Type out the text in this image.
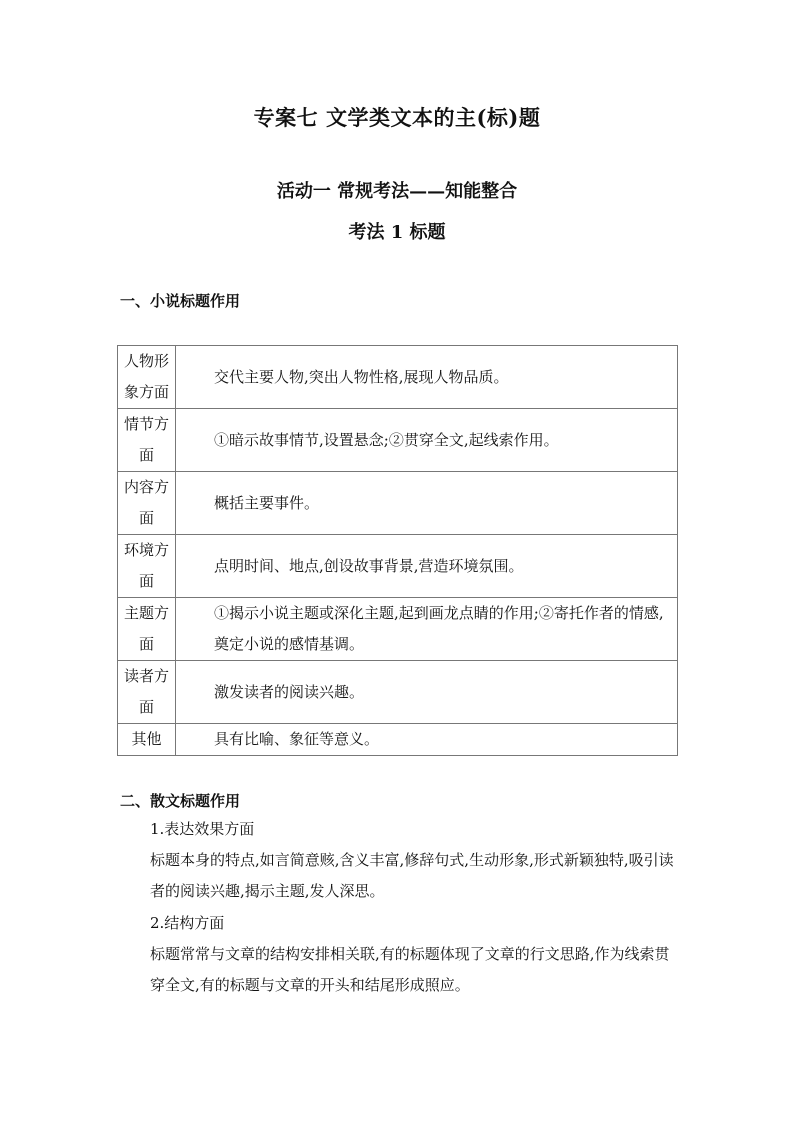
专案七 文学类文本的主(标)题
活动一 常规考法——知能整合
考法 1 标题
一、小说标题作用
人物形象方面	交代主要人物,突出人物性格,展现人物品质。

情节方面	①暗示故事情节,设置悬念;②贯穿全文,起线索作用。

内容方面	概括主要事件。

环境方面	点明时间、地点,创设故事背景,营造环境氛围。

主题方面	①揭示小说主题或深化主题,起到画龙点睛的作用;②寄托作者的情感,奠定小说的感情基调。

读者方面	激发读者的阅读兴趣。

其他	具有比喻、象征等意义。
二、散文标题作用
1.表达效果方面
标题本身的特点,如言简意赅,含义丰富,修辞句式,生动形象,形式新颖独特,吸引读者的阅读兴趣,揭示主题,发人深思。
2.结构方面
标题常常与文章的结构安排相关联,有的标题体现了文章的行文思路,作为线索贯穿全文,有的标题与文章的开头和结尾形成照应。
